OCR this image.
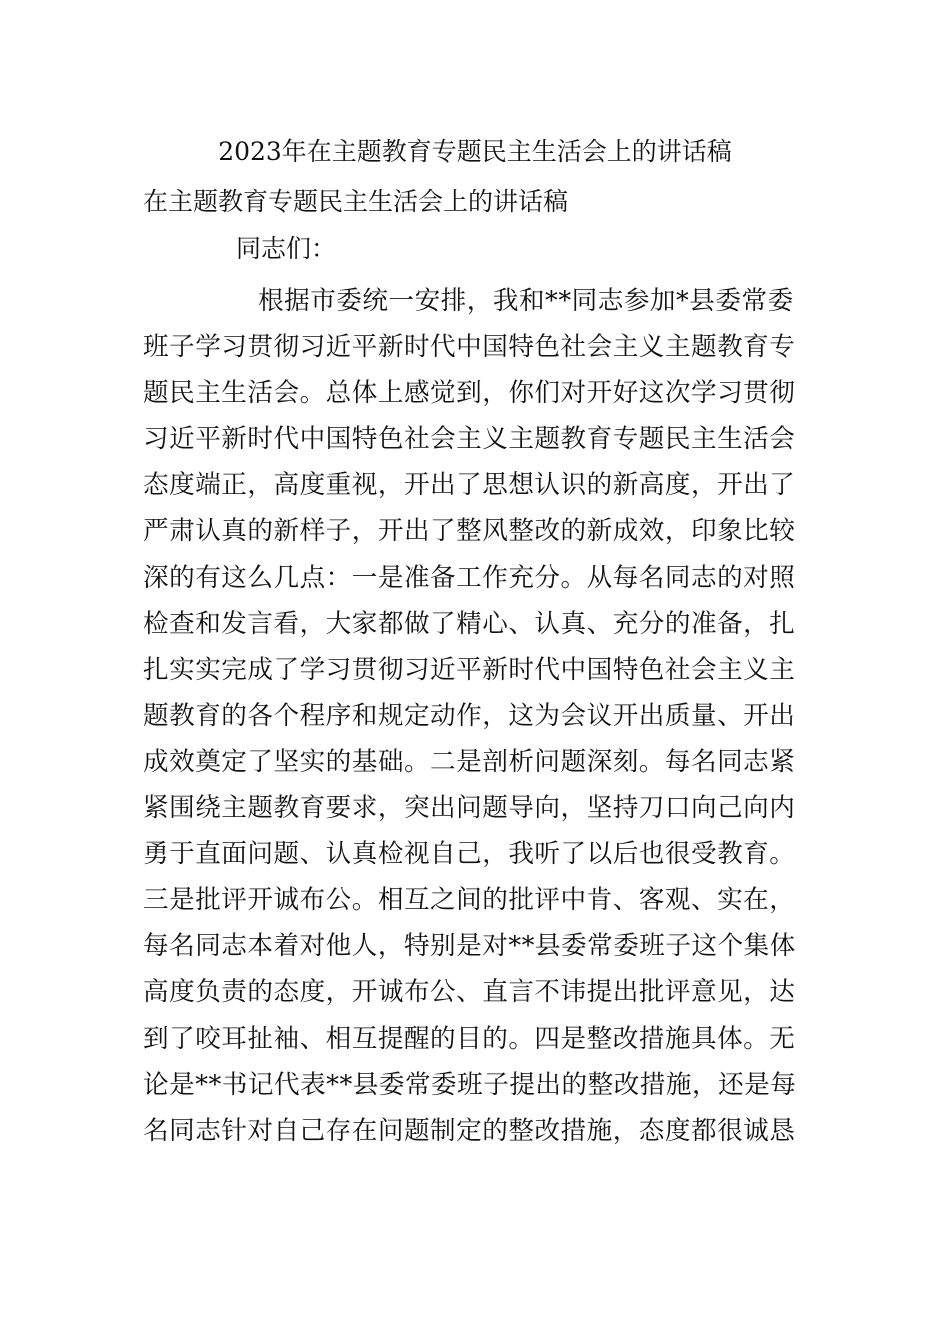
2023年在主题教育专题民主生活会上的讲话稿
在主题教育专题民主生活会上的讲话稿
同志们：
根据市委统一安排，我和**同志参加*县委常委
班子学习贯彻习近平新时代中国特色社会主义主题教育专
题民主生活会。总体上感觉到，你们对开好这次学习贯彻
习近平新时代中国特色社会主义主题教育专题民主生活会
态度端正，高度重视，开出了思想认识的新高度，开出了
严肃认真的新样子，开出了整风整改的新成效，印象比较
深的有这么几点：一是准备工作充分。从每名同志的对照
检查和发言看，大家都做了精心、认真、充分的准备，扎
扎实实完成了学习贯彻习近平新时代中国特色社会主义主
题教育的各个程序和规定动作，这为会议开出质量、开出
成效奠定了坚实的基础。二是剖析问题深刻。每名同志紧
紧围绕主题教育要求，突出问题导向，坚持刀口向己向内
勇于直面问题、认真检视自己，我听了以后也很受教育。
三是批评开诚布公。相互之间的批评中肯、客观、实在，
每名同志本着对他人，特别是对**县委常委班子这个集体
高度负责的态度，开诚布公、直言不讳提出批评意见，达
到了咬耳扯袖、相互提醒的目的。四是整改措施具体。无
论是**书记代表**县委常委班子提出的整改措施，还是每
名同志针对自己存在问题制定的整改措施，态度都很诚恳
